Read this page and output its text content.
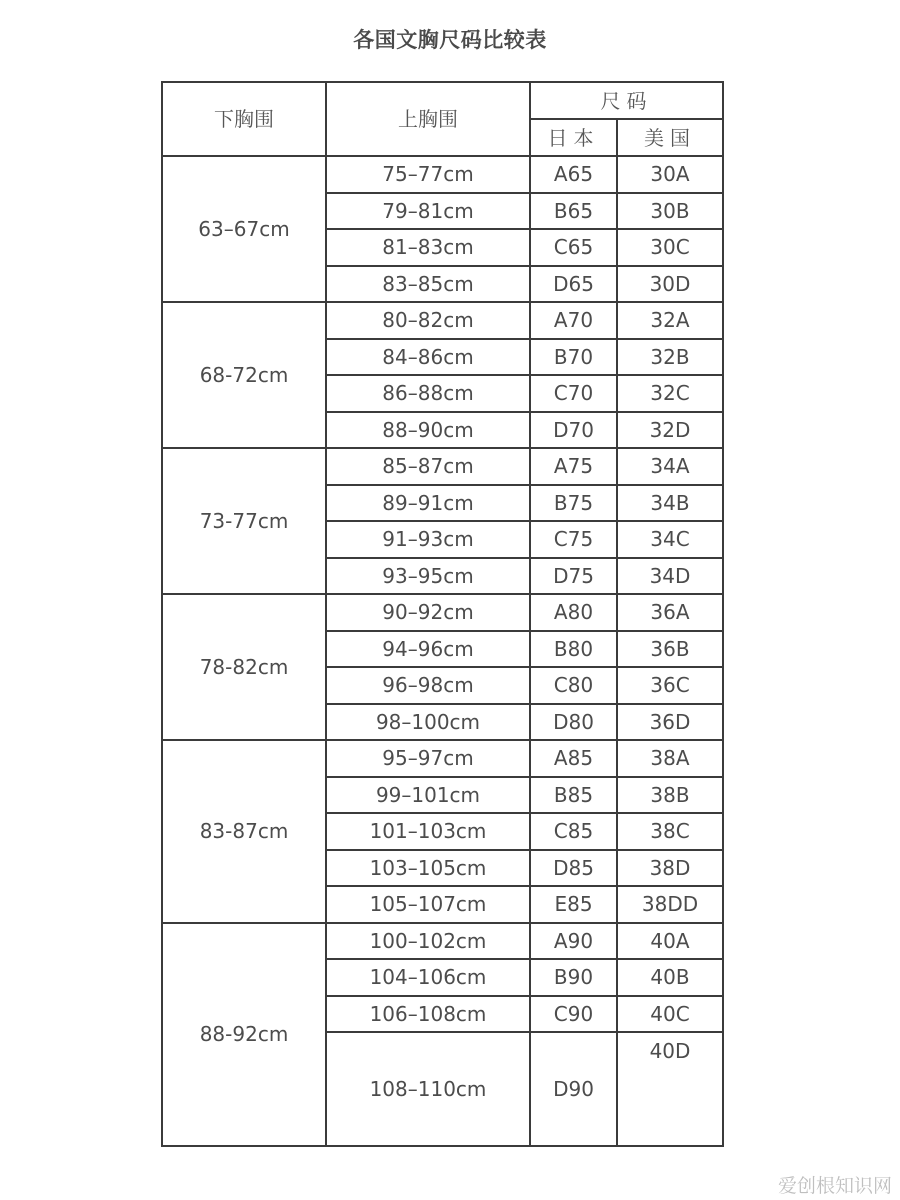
各国文胸尺码比较表
下胸围	上胸围	尺码	
		日本	美国
63–67cm	75–77cm	A65	30A
	79–81cm	B65	30B
	81–83cm	C65	30C
	83–85cm	D65	30D
68-72cm	80–82cm	A70	32A
	84–86cm	B70	32B
	86–88cm	C70	32C
	88–90cm	D70	32D
73-77cm	85–87cm	A75	34A
	89–91cm	B75	34B
	91–93cm	C75	34C
	93–95cm	D75	34D
78-82cm	90–92cm	A80	36A
	94–96cm	B80	36B
	96–98cm	C80	36C
	98–100cm	D80	36D
83-87cm	95–97cm	A85	38A
	99–101cm	B85	38B
	101–103cm	C85	38C
	103–105cm	D85	38D
	105–107cm	E85	38DD
88-92cm	100–102cm	A90	40A
	104–106cm	B90	40B
	106–108cm	C90	40C
	108–110cm	D90	40D
爱创根知识网
